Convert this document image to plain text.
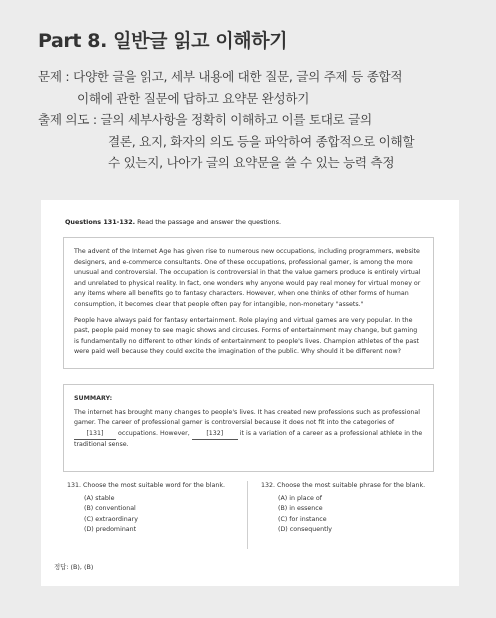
Part 8. 일반글 읽고 이해하기
문제 : 다양한 글을 읽고, 세부 내용에 대한 질문, 글의 주제 등 종합적
이해에 관한 질문에 답하고 요약문 완성하기
출제 의도 : 글의 세부사항을 정확히 이해하고 이를 토대로 글의
결론, 요지, 화자의 의도 등을 파악하여 종합적으로 이해할
수 있는지, 나아가 글의 요약문을 쓸 수 있는 능력 측정
Questions 131-132. Read the passage and answer the questions.

The advent of the Internet Age has given rise to numerous new occupations, including programmers, website designers, and e-commerce consultants. One of these occupations, professional gamer, is among the more unusual and controversial. The occupation is controversial in that the value gamers produce is entirely virtual and unrelated to physical reality. In fact, one wonders why anyone would pay real money for virtual money or any items where all benefits go to fantasy characters. However, when one thinks of other forms of human consumption, it becomes clear that people often pay for intangible, non-monetary "assets."

People have always paid for fantasy entertainment. Role playing and virtual games are very popular. In the past, people paid money to see magic shows and circuses. Forms of entertainment may change, but gaming is fundamentally no different to other kinds of entertainment to people's lives. Champion athletes of the past were paid well because they could excite the imagination of the public. Why should it be different now?

SUMMARY:
The internet has brought many changes to people's lives. It has created new professions such as professional gamer. The career of professional gamer is controversial because it does not fit into the categories of [131] occupations. However, [132] it is a variation of a career as a professional athlete in the traditional sense.
131. Choose the most suitable word for the blank.
(A) stable
(B) conventional
(C) extraordinary
(D) predominant
132. Choose the most suitable phrase for the blank.
(A) in place of
(B) in essence
(C) for instance
(D) consequently
정답: (B), (B)
